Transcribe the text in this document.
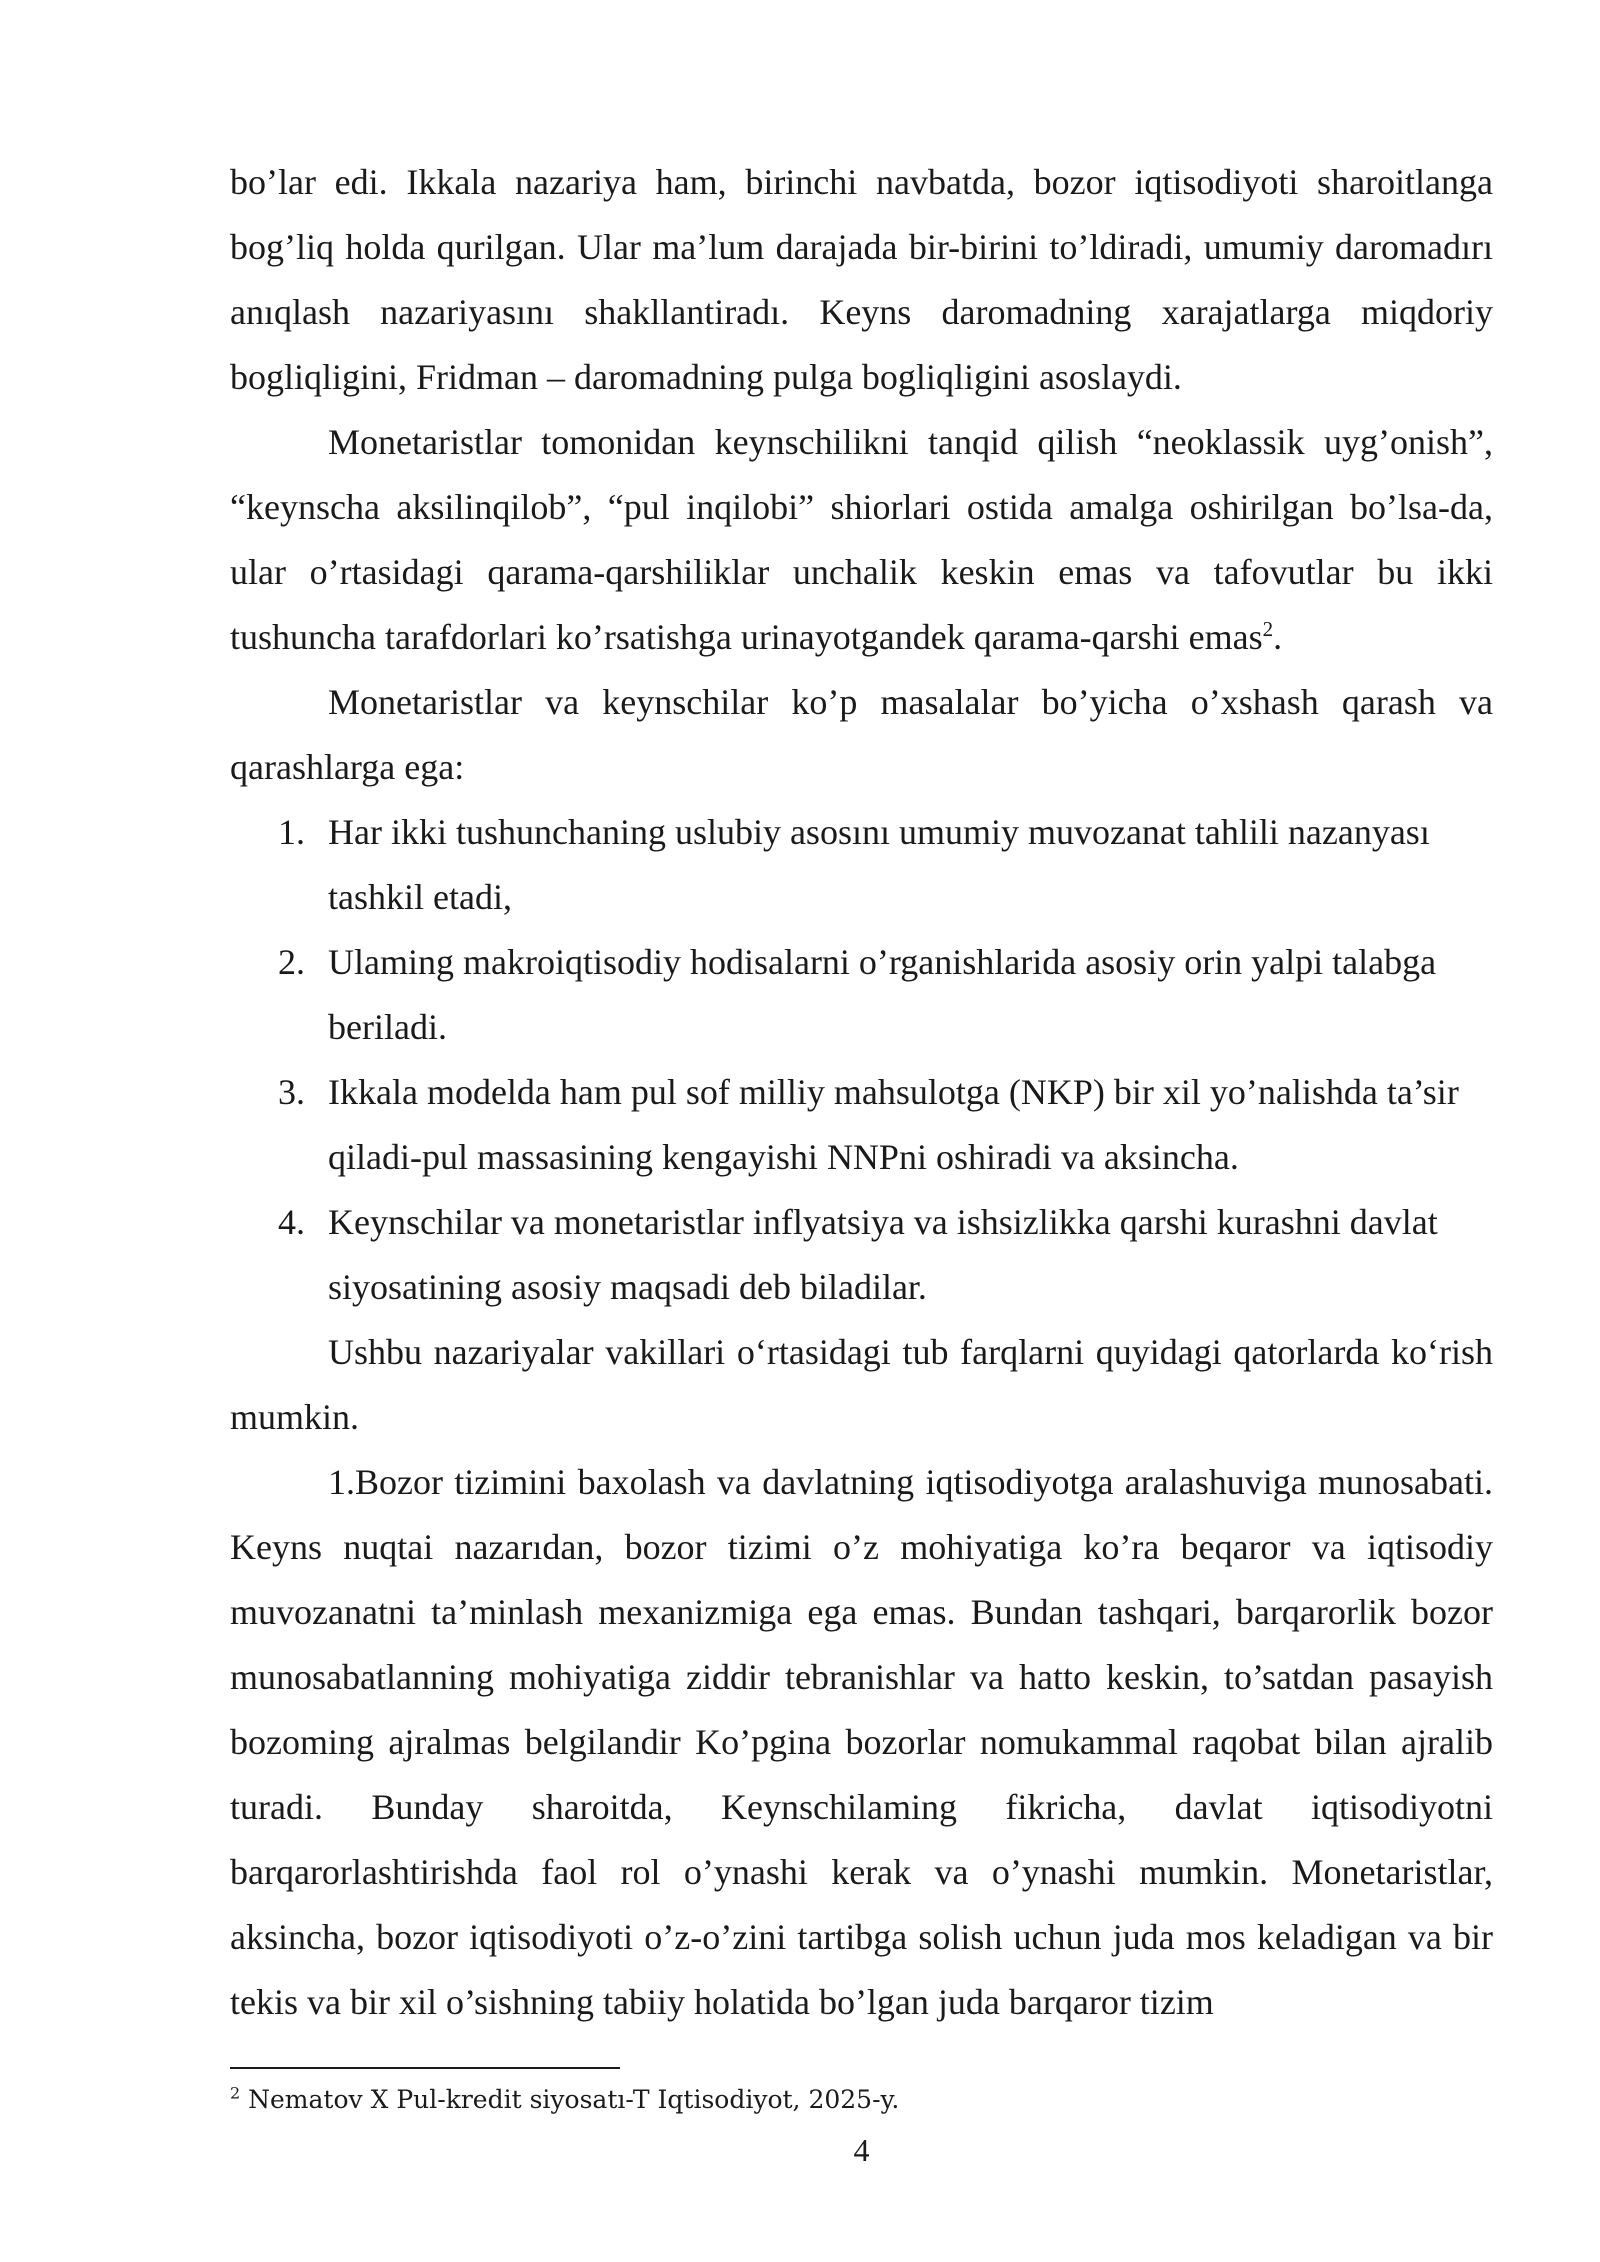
bo’lar edi. Ikkala nazariya ham, birinchi navbatda, bozor iqtisodiyoti sharoitlanga bog’liq holda qurilgan. Ular ma’lum darajada bir-birini to’ldiradi, umumiy daromadırı anıqlash nazariyasını shakllantiradı. Keyns daromadning xarajatlarga miqdoriy bogliqligini, Fridman – daromadning pulga bogliqligini asoslaydi.

Monetaristlar tomonidan keynschilikni tanqid qilish “neoklassik uyg’onish”, “keynscha aksilinqilob”, “pul inqilobi” shiorlari ostida amalga oshirilgan bo’lsa-da, ular o’rtasidagi qarama-qarshiliklar unchalik keskin emas va tafovutlar bu ikki tushuncha tarafdorlari ko’rsatishga urinayotgandek qarama-qarshi emas$^2$.

Monetaristlar va keynschilar ko’p masalalar bo’yicha o’xshash qarash va qarashlarga ega:

1. Har ikki tushunchaning uslubiy asosını umumiy muvozanat tahlili nazanyası tashkil etadi,
2. Ulaming makroiqtisodiy hodisalarni o’rganishlarida asosiy orin yalpi talabga beriladi.
3. Ikkala modelda ham pul sof milliy mahsulotga (NKP) bir xil yo’nalishda ta’sir qiladi-pul massasining kengayishi NNPni oshiradi va aksincha.
4. Keynschilar va monetaristlar inflyatsiya va ishsizlikka qarshi kurashni davlat siyosatining asosiy maqsadi deb biladilar.

Ushbu nazariyalar vakillari oʻrtasidagi tub farqlarni quyidagi qatorlarda koʻrish mumkin.

1.Bozor tizimini baxolash va davlatning iqtisodiyotga aralashuviga munosabati. Keyns nuqtai nazarıdan, bozor tizimi o’z mohiyatiga ko’ra beqaror va iqtisodiy muvozanatni ta’minlash mexanizmiga ega emas. Bundan tashqari, barqarorlik bozor munosabatlanning mohiyatiga ziddir tebranishlar va hatto keskin, to’satdan pasayish bozoming ajralmas belgilandir Ko’pgina bozorlar nomukammal raqobat bilan ajralib turadi. Bunday sharoitda, Keynschilaming fikricha, davlat iqtisodiyotni barqarorlashtirishda faol rol o’ynashi kerak va o’ynashi mumkin. Monetaristlar, aksincha, bozor iqtisodiyoti o’z-o’zini tartibga solish uchun juda mos keladigan va bir tekis va bir xil o’sishning tabiiy holatida bo’lgan juda barqaror tizim

$^2$ Nematov X Pul-kredit siyosatı-T Iqtisodiyot, 2025-y.
4
